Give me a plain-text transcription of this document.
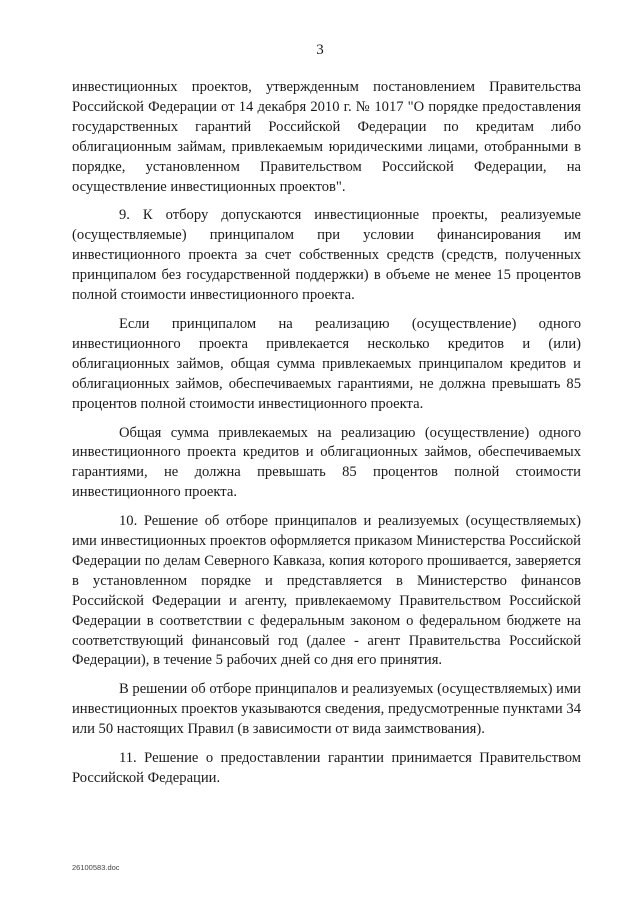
3

инвестиционных проектов, утвержденным постановлением Правительства Российской Федерации от 14 декабря 2010 г. № 1017 "О порядке предоставления государственных гарантий Российской Федерации по кредитам либо облигационным займам, привлекаемым юридическими лицами, отобранными в порядке, установленном Правительством Российской Федерации, на осуществление инвестиционных проектов".

9. К отбору допускаются инвестиционные проекты, реализуемые (осуществляемые) принципалом при условии финансирования им инвестиционного проекта за счет собственных средств (средств, полученных принципалом без государственной поддержки) в объеме не менее 15 процентов полной стоимости инвестиционного проекта.

Если принципалом на реализацию (осуществление) одного инвестиционного проекта привлекается несколько кредитов и (или) облигационных займов, общая сумма привлекаемых принципалом кредитов и облигационных займов, обеспечиваемых гарантиями, не должна превышать 85 процентов полной стоимости инвестиционного проекта.

Общая сумма привлекаемых на реализацию (осуществление) одного инвестиционного проекта кредитов и облигационных займов, обеспечиваемых гарантиями, не должна превышать 85 процентов полной стоимости инвестиционного проекта.

10. Решение об отборе принципалов и реализуемых (осуществляемых) ими инвестиционных проектов оформляется приказом Министерства Российской Федерации по делам Северного Кавказа, копия которого прошивается, заверяется в установленном порядке и представляется в Министерство финансов Российской Федерации и агенту, привлекаемому Правительством Российской Федерации в соответствии с федеральным законом о федеральном бюджете на соответствующий финансовый год (далее - агент Правительства Российской Федерации), в течение 5 рабочих дней со дня его принятия.

В решении об отборе принципалов и реализуемых (осуществляемых) ими инвестиционных проектов указываются сведения, предусмотренные пунктами 34 или 50 настоящих Правил (в зависимости от вида заимствования).

11. Решение о предоставлении гарантии принимается Правительством Российской Федерации.

26100583.doc
